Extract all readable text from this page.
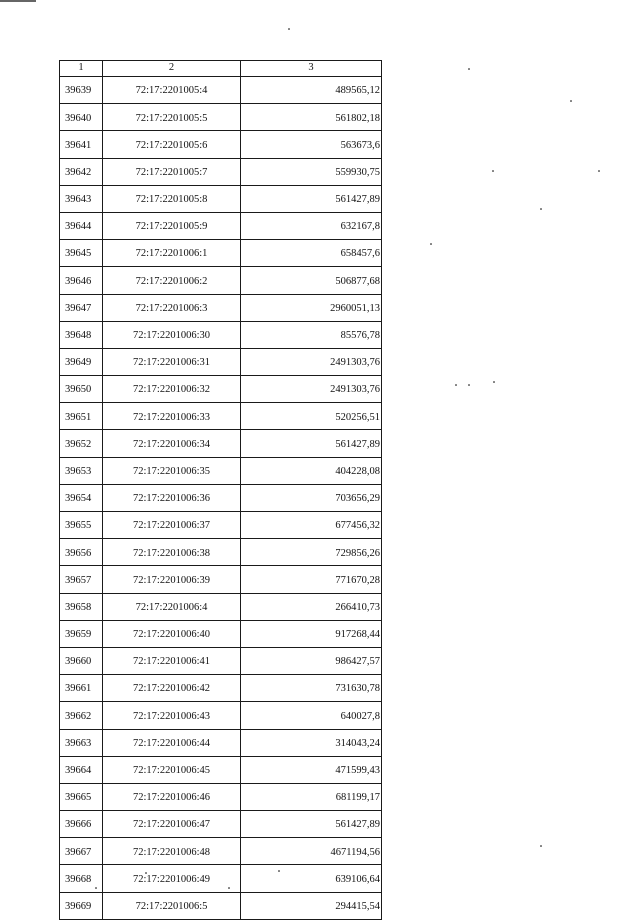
1	2	3
39639	72:17:2201005:4	489565,12
39640	72:17:2201005:5	561802,18
39641	72:17:2201005:6	563673,6
39642	72:17:2201005:7	559930,75
39643	72:17:2201005:8	561427,89
39644	72:17:2201005:9	632167,8
39645	72:17:2201006:1	658457,6
39646	72:17:2201006:2	506877,68
39647	72:17:2201006:3	2960051,13
39648	72:17:2201006:30	85576,78
39649	72:17:2201006:31	2491303,76
39650	72:17:2201006:32	2491303,76
39651	72:17:2201006:33	520256,51
39652	72:17:2201006:34	561427,89
39653	72:17:2201006:35	404228,08
39654	72:17:2201006:36	703656,29
39655	72:17:2201006:37	677456,32
39656	72:17:2201006:38	729856,26
39657	72:17:2201006:39	771670,28
39658	72:17:2201006:4	266410,73
39659	72:17:2201006:40	917268,44
39660	72:17:2201006:41	986427,57
39661	72:17:2201006:42	731630,78
39662	72:17:2201006:43	640027,8
39663	72:17:2201006:44	314043,24
39664	72:17:2201006:45	471599,43
39665	72:17:2201006:46	681199,17
39666	72:17:2201006:47	561427,89
39667	72:17:2201006:48	4671194,56
39668	72:17:2201006:49	639106,64
39669	72:17:2201006:5	294415,54
